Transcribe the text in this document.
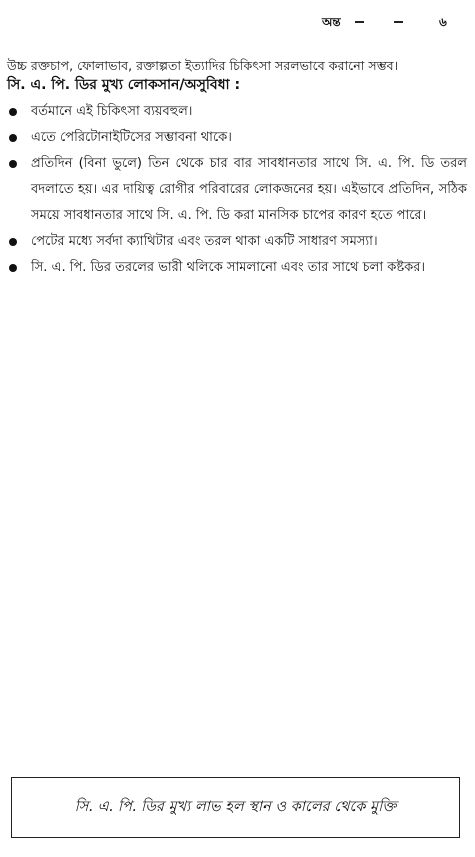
অন্ত	৬

উচ্চ রক্তচাপ, ফোলাভাব, রক্তাল্পতা ইত্যাদির চিকিৎসা সরলভাবে করানো সম্ভব।

সি. এ. পি. ডির মুখ্য লোকসান/অসুবিধা :
বর্তমানে এই চিকিৎসা ব্যয়বহুল।
এতে পেরিটোনাইটিসের সম্ভাবনা থাকে।
প্রতিদিন (বিনা ভুলে) তিন থেকে চার বার সাবধানতার সাথে সি. এ. পি. ডি তরল বদলাতে হয়। এর দায়িত্ব রোগীর পরিবারের লোকজনের হয়। এইভাবে প্রতিদিন, সঠিক সময়ে সাবধানতার সাথে সি. এ. পি. ডি করা মানসিক চাপের কারণ হতে পারে।
পেটের মধ্যে সর্বদা ক্যাথিটার এবং তরল থাকা একটি সাধারণ সমস্যা।
সি. এ. পি. ডির তরলের ভারী থলিকে সামলানো এবং তার সাথে চলা কষ্টকর।
সি. এ. পি. ডির মুখ্য লাভ হল স্থান ও কালের থেকে মুক্তি
